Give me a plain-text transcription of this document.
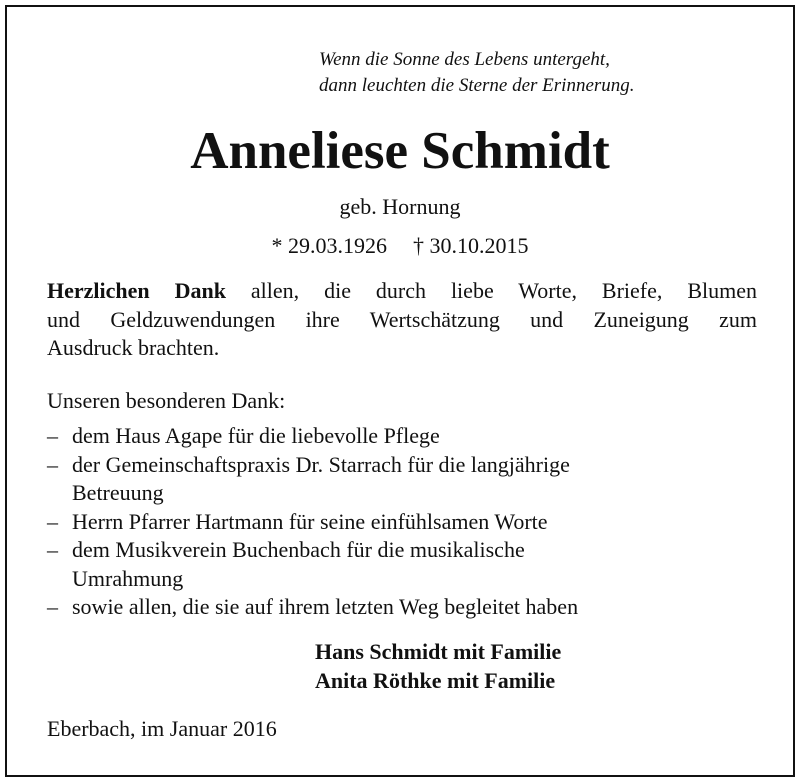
Wenn die Sonne des Lebens untergeht,
dann leuchten die Sterne der Erinnerung.
Anneliese Schmidt
geb. Hornung
* 29.03.1926 † 30.10.2015
Herzlichen Dank allen, die durch liebe Worte, Briefe, Blumen
und Geldzuwendungen ihre Wertschätzung und Zuneigung zum
Ausdruck brachten.
Unseren besonderen Dank:
– dem Haus Agape für die liebevolle Pflege
– der Gemeinschaftspraxis Dr. Starrach für die langjährige
Betreuung
– Herrn Pfarrer Hartmann für seine einfühlsamen Worte
– dem Musikverein Buchenbach für die musikalische
Umrahmung
– sowie allen, die sie auf ihrem letzten Weg begleitet haben
Hans Schmidt mit Familie
Anita Röthke mit Familie
Eberbach, im Januar 2016
